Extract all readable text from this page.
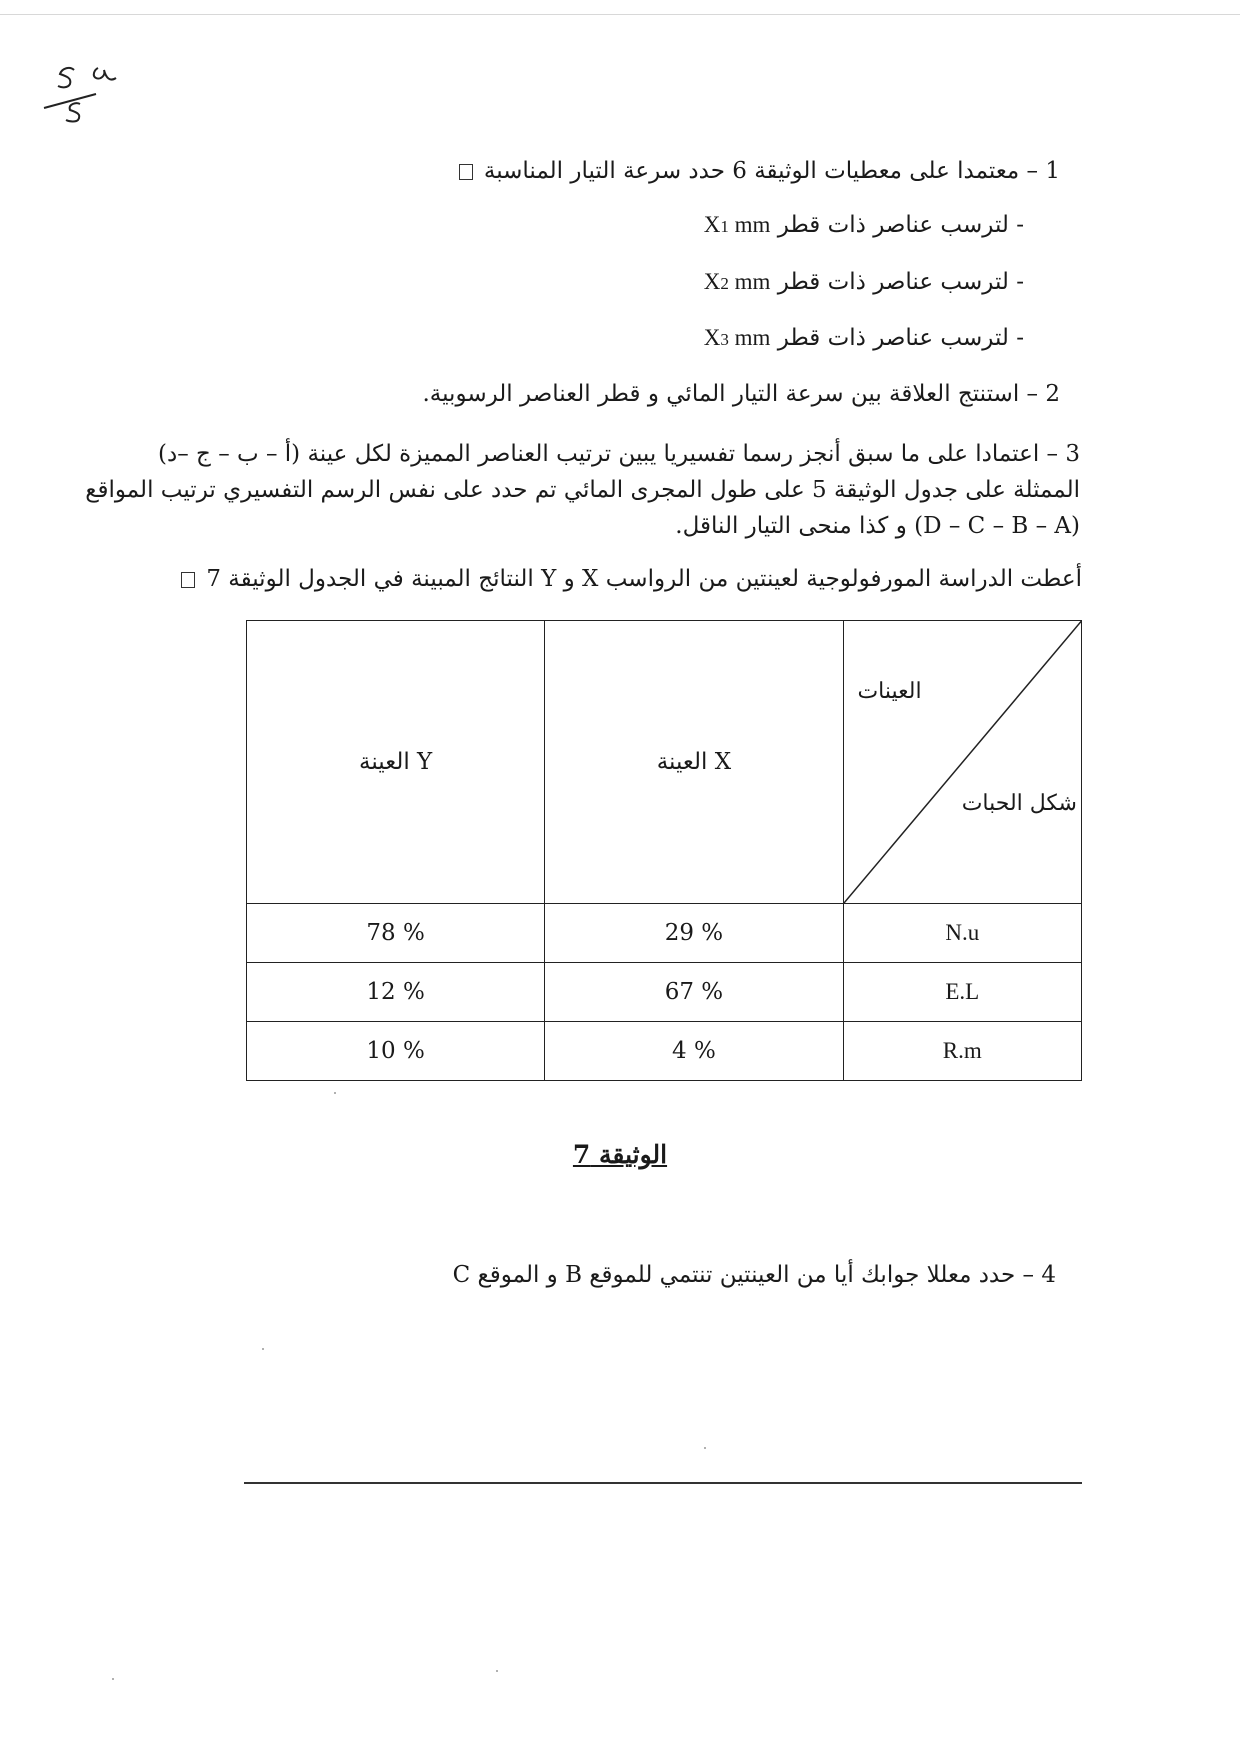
1 – معتمدا على معطيات الوثيقة 6 حدد سرعة التيار المناسبة
- لترسب عناصر ذات قطر X1 mm
- لترسب عناصر ذات قطر X2 mm
- لترسب عناصر ذات قطر X3 mm
2 – استنتج العلاقة بين سرعة التيار المائي و قطر العناصر الرسوبية.
3 – اعتمادا على ما سبق أنجز رسما تفسيريا يبين ترتيب العناصر المميزة لكل عينة (أ – ب – ج –د)
الممثلة على جدول الوثيقة 5 على طول المجرى المائي تم حدد على نفس الرسم التفسيري ترتيب المواقع
(D – C – B – A) و كذا منحى التيار الناقل.
أعطت الدراسة المورفولوجية لعينتين من الرواسب X و Y النتائج المبينة في الجدول الوثيقة 7
العينة Y	العينة X	العينات
شكل الحبات

78 %	29 %	N.u
12 %	67 %	E.L
10 %	4 %	R.m
الوثيقة 7
4 – حدد معللا جوابك أيا من العينتين تنتمي للموقع B و الموقع C
